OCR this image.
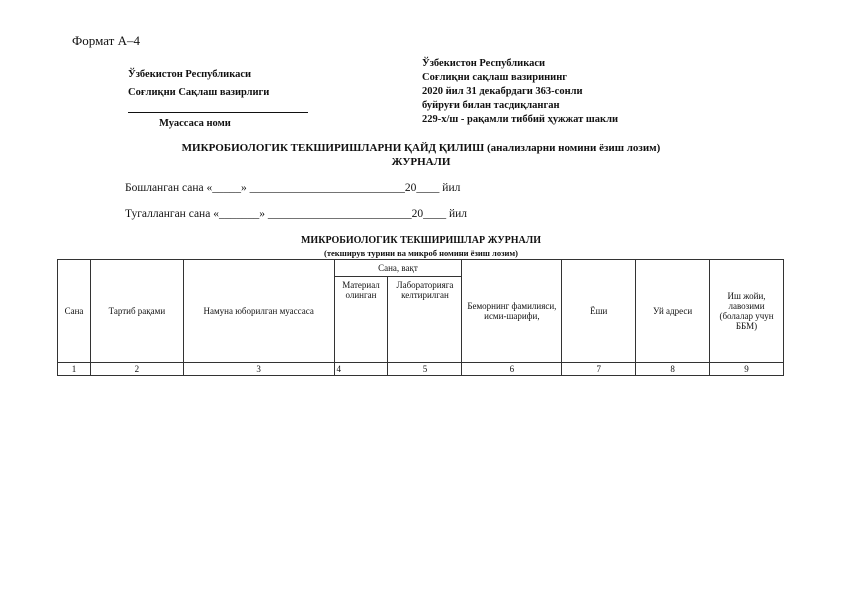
Формат А–4
Ўзбекистон Республикаси
Соғлиқни Сақлаш вазирлиги
Муассаса номи
Ўзбекистон Республикаси
Соғлиқни сақлаш вазирининг
2020 йил 31 декабрдаги 363-сонли
буйруғи билан тасдиқланган
229-х/ш - рақамли тиббий ҳужжат шакли
МИКРОБИОЛОГИК ТЕКШИРИШЛАРНИ ҚАЙД ҚИЛИШ (анализларни номини ёзиш лозим)
ЖУРНАЛИ
Бошланган сана «_____» ___________________________20____ йил
Тугалланган сана «_______» _________________________20____ йил
МИКРОБИОЛОГИК ТЕКШИРИШЛАР ЖУРНАЛИ
(текширув турини ва микроб номини ёзиш лозим)
Сана	Тартиб рақами	Намуна юборилган муассаса	Сана, вақт		Беморнинг фамилияси, исми-шарифи,	Ёши	Уй адреси	Иш жойи, лавозими (болалар учун ББМ)
			Материал олинган	Лабораторияга келтирилган				
1	2	3	4	5	6	7	8	9
